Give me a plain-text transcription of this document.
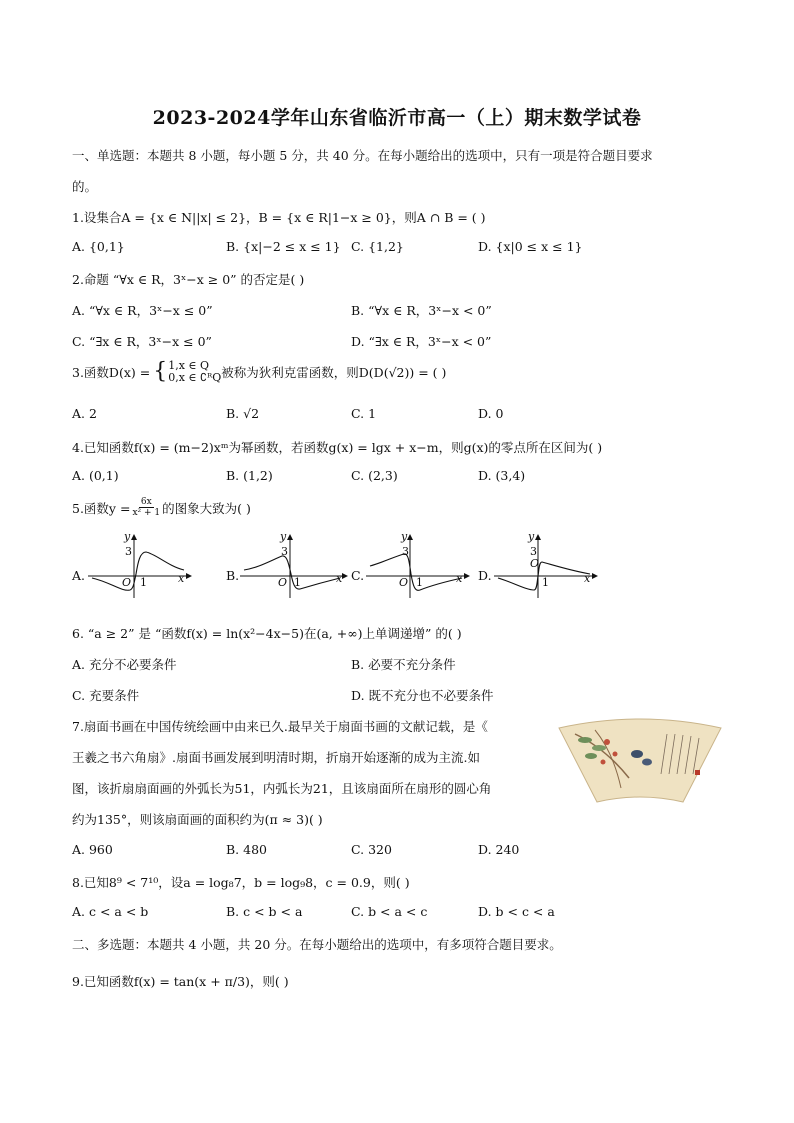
2023-2024学年山东省临沂市高一（上）期末数学试卷
一、单选题：本题共 8 小题，每小题 5 分，共 40 分。在每小题给出的选项中，只有一项是符合题目要求
的。
1.设集合A = {x ∈ N||x| ≤ 2}，B = {x ∈ R|1−x ≥ 0}，则A ∩ B = ( )
A. {0,1}	B. {x|−2 ≤ x ≤ 1} C. {1,2}	D. {x|0 ≤ x ≤ 1}
2.命题 “∀x ∈ R，3ˣ−x ≥ 0” 的否定是( )
A. “∀x ∈ R，3ˣ−x ≤ 0”	B. “∀x ∈ R，3ˣ−x < 0”
C. “∃x ∈ R，3ˣ−x ≤ 0”	D. “∃x ∈ R，3ˣ−x < 0”
3.函数D(x) = { 1,x ∈ Q
0,x ∈ ∁ᴿQ 被称为狄利克雷函数，则D(D(√2)) = ( )
A. 2	B. √2	C. 1	D. 0
4.已知函数f(x) = (m−2)xᵐ为幂函数，若函数g(x) = lgx + x−m，则g(x)的零点所在区间为( )
A. (0,1)	B. (1,2)	C. (2,3)	D. (3,4)
5.函数$y = \frac{6x}{\text{x² + 1}}$ 的图象大致为( )
A.
y
3
O 1	x	B.
y
3
O 1	x C.
y
3
O 1	x D.
y
3
O
1	x
6. “a ≥ 2” 是 “函数f(x) = ln(x²−4x−5)在(a, +∞)上单调递增” 的( )
A. 充分不必要条件	B. 必要不充分条件
C. 充要条件	D. 既不充分也不必要条件
7.扇面书画在中国传统绘画中由来已久.最早关于扇面书画的文献记载，是《
王羲之书六角扇》.扇面书画发展到明清时期，折扇开始逐渐的成为主流.如
图，该折扇扇面画的外弧长为51，内弧长为21，且该扇面所在扇形的圆心角
约为135°，则该扇面画的面积约为(π ≈ 3)( )
A. 960	B. 480	C. 320	D. 240
8.已知8⁹ < 7¹⁰，设a = log₈7，b = log₉8，c = 0.9，则( )
A. c < a < b	B. c < b < a	C. b < a < c	D. b < c < a
二、多选题：本题共 4 小题，共 20 分。在每小题给出的选项中，有多项符合题目要求。
9.已知函数f(x) = tan(x + π/3)，则( )
